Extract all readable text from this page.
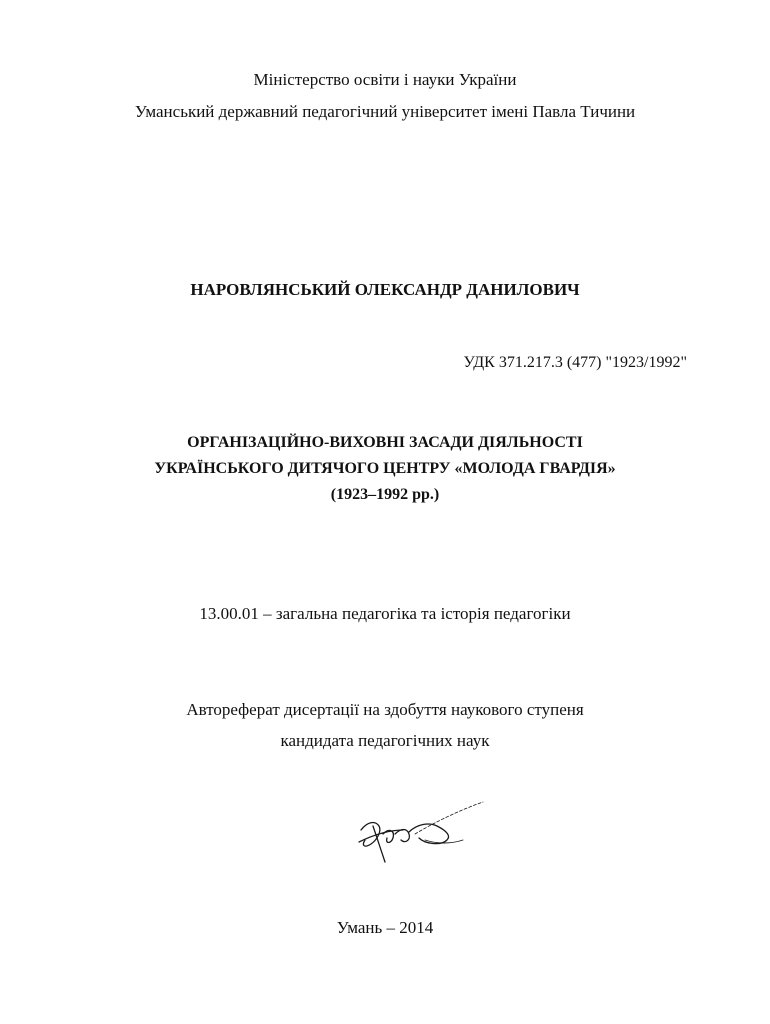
Міністерство освіти і науки України
Уманський державний педагогічний університет імені Павла Тичини
НАРОВЛЯНСЬКИЙ ОЛЕКСАНДР ДАНИЛОВИЧ
УДК 371.217.3 (477) "1923/1992"
ОРГАНІЗАЦІЙНО-ВИХОВНІ ЗАСАДИ ДІЯЛЬНОСТІ
УКРАЇНСЬКОГО ДИТЯЧОГО ЦЕНТРУ «МОЛОДА ГВАРДІЯ»
(1923–1992 рр.)
13.00.01 – загальна педагогіка та історія педагогіки
Автореферат дисертації на здобуття наукового ступеня
кандидата педагогічних наук
Умань – 2014
